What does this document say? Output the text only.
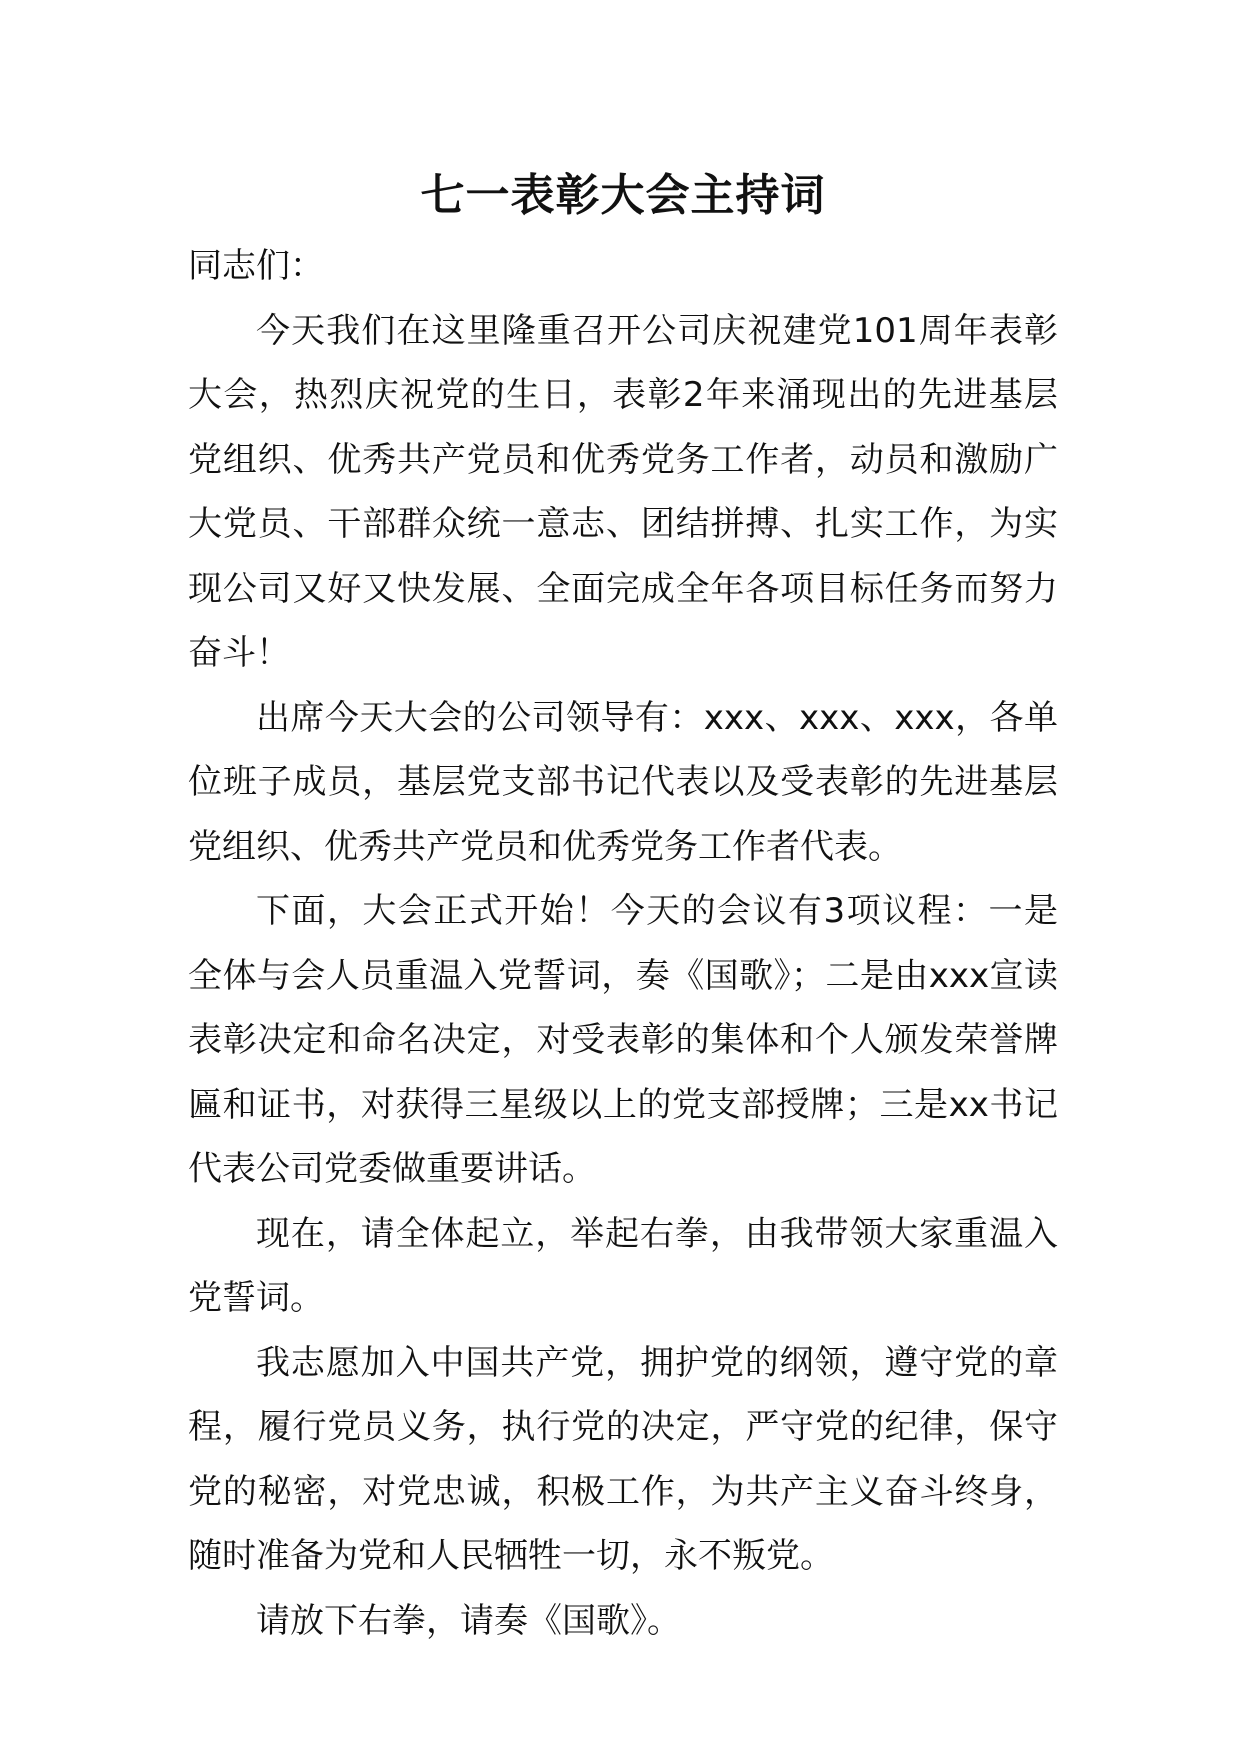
七一表彰大会主持词

同志们：

今天我们在这里隆重召开公司庆祝建党101周年表彰大会，热烈庆祝党的生日，表彰2年来涌现出的先进基层党组织、优秀共产党员和优秀党务工作者，动员和激励广大党员、干部群众统一意志、团结拼搏、扎实工作，为实现公司又好又快发展、全面完成全年各项目标任务而努力奋斗！

出席今天大会的公司领导有：xxx、xxx、xxx，各单位班子成员，基层党支部书记代表以及受表彰的先进基层党组织、优秀共产党员和优秀党务工作者代表。

下面，大会正式开始！今天的会议有3项议程：一是全体与会人员重温入党誓词，奏《国歌》；二是由xxx宣读表彰决定和命名决定，对受表彰的集体和个人颁发荣誉牌匾和证书，对获得三星级以上的党支部授牌；三是xx书记代表公司党委做重要讲话。

现在，请全体起立，举起右拳，由我带领大家重温入党誓词。

我志愿加入中国共产党，拥护党的纲领，遵守党的章程，履行党员义务，执行党的决定，严守党的纪律，保守党的秘密，对党忠诚，积极工作，为共产主义奋斗终身，随时准备为党和人民牺牲一切，永不叛党。

请放下右拳，请奏《国歌》。
